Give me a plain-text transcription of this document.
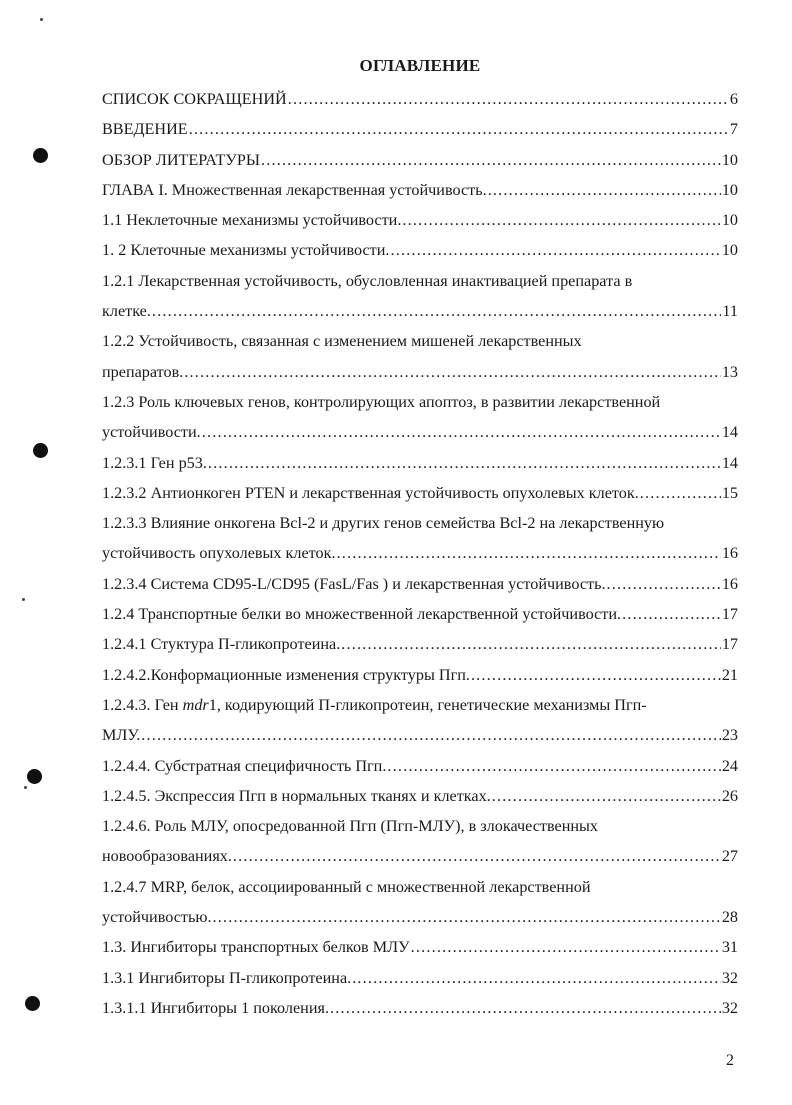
ОГЛАВЛЕНИЕ
СПИСОК СОКРАЩЕНИЙ .....	6
ВВЕДЕНИЕ .....	7
ОБЗОР ЛИТЕРАТУРЫ .....	10
ГЛАВА I. Множественная лекарственная устойчивость. .....	10
1.1 Неклеточные механизмы устойчивости. .....	10
1. 2 Клеточные механизмы устойчивости. .....	10
1.2.1 Лекарственная устойчивость, обусловленная инактивацией препарата в
клетке. .....	11
1.2.2 Устойчивость, связанная с изменением мишеней лекарственных
препаратов. .....	13
1.2.3 Роль ключевых генов, контролирующих апоптоз, в развитии лекарственной
устойчивости. .....	14
1.2.3.1 Ген p53. .....	14
1.2.3.2 Антионкоген PTEN и лекарственная устойчивость опухолевых клеток. .....	15
1.2.3.3 Влияние онкогена Bcl-2 и других генов семейства Bcl-2 на лекарственную
устойчивость опухолевых клеток. .....	16
1.2.3.4 Система CD95-L/CD95 (FasL/Fas ) и лекарственная устойчивость. .....	16
1.2.4 Транспортные белки во множественной лекарственной устойчивости. .....	17
1.2.4.1 Стуктура П-гликопротеина. .....	17
1.2.4.2.Конформационные изменения структуры Пгп. .....	21
1.2.4.3. Ген mdr1, кодирующий П-гликопротеин, генетические механизмы Пгп-
МЛУ. .....	23
1.2.4.4. Субстратная специфичность Пгп. .....	24
1.2.4.5. Экспрессия Пгп в нормальных тканях и клетках. .....	26
1.2.4.6. Роль МЛУ, опосредованной Пгп (Пгп-МЛУ), в злокачественных
новообразованиях. .....	27
1.2.4.7 MRP, белок, ассоциированный с множественной лекарственной
устойчивостью. .....	28
1.3. Ингибиторы транспортных белков МЛУ .....	31
1.3.1 Ингибиторы П-гликопротеина. .....	32
1.3.1.1 Ингибиторы 1 поколения. .....	32
2
